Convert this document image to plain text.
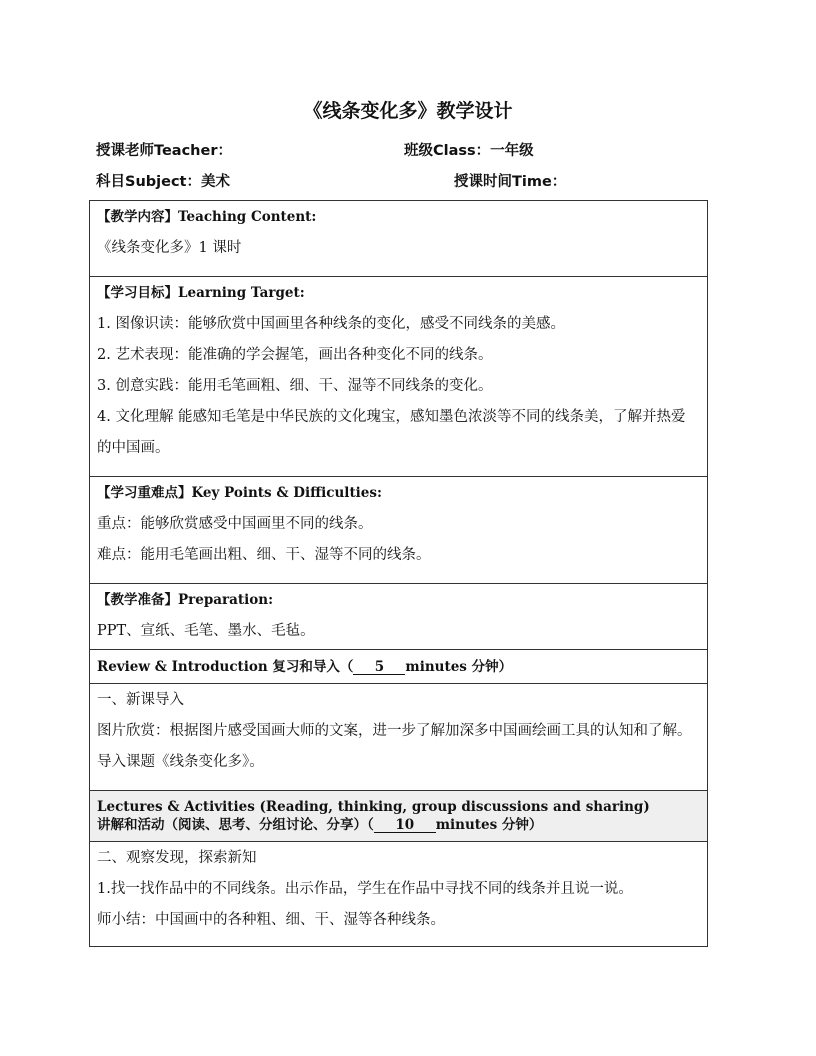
《线条变化多》教学设计
授课老师Teacher：	班级Class：一年级
科目Subject：美术	授课时间Time：
【教学内容】Teaching Content:
《线条变化多》1 课时

【学习目标】Learning Target:
1. 图像识读：能够欣赏中国画里各种线条的变化，感受不同线条的美感。
2. 艺术表现：能准确的学会握笔，画出各种变化不同的线条。
3. 创意实践：能用毛笔画粗、细、干、湿等不同线条的变化。
4. 文化理解 能感知毛笔是中华民族的文化瑰宝，感知墨色浓淡等不同的线条美，了解并热爱的中国画。

【学习重难点】Key Points & Difficulties:
重点：能够欣赏感受中国画里不同的线条。
难点：能用毛笔画出粗、细、干、湿等不同的线条。

【教学准备】Preparation:
PPT、宣纸、毛笔、墨水、毛毡。

Review & Introduction 复习和导入（ 5 minutes 分钟）

一、新课导入
图片欣赏：根据图片感受国画大师的文案，进一步了解加深多中国画绘画工具的认知和了解。导入课题《线条变化多》。

Lectures & Activities (Reading, thinking, group discussions and sharing)
讲解和活动（阅读、思考、分组讨论、分享）（ 10 minutes 分钟）

二、观察发现，探索新知
1.找一找作品中的不同线条。出示作品，学生在作品中寻找不同的线条并且说一说。
师小结：中国画中的各种粗、细、干、湿等各种线条。
